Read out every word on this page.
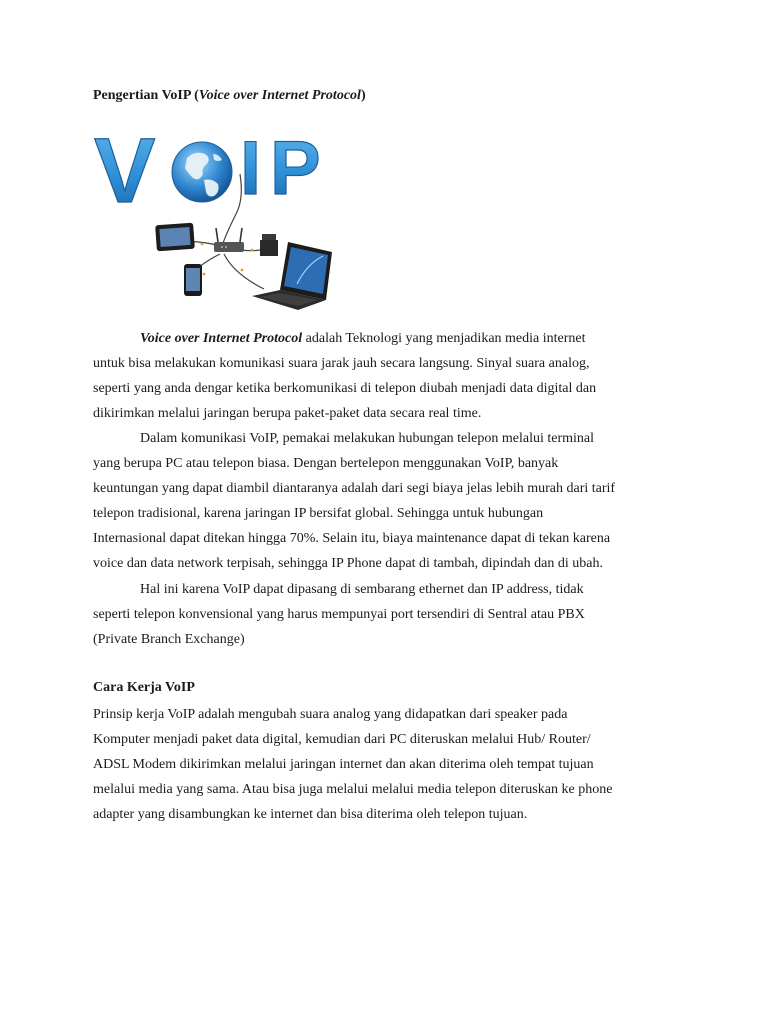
Pengertian VoIP (Voice over Internet Protocol)
V I P
Voice over Internet Protocol adalah Teknologi yang menjadikan media internet
untuk bisa melakukan komunikasi suara jarak jauh secara langsung. Sinyal suara analog,
seperti yang anda dengar ketika berkomunikasi di telepon diubah menjadi data digital dan
dikirimkan melalui jaringan berupa paket-paket data secara real time.
Dalam komunikasi VoIP, pemakai melakukan hubungan telepon melalui terminal
yang berupa PC atau telepon biasa. Dengan bertelepon menggunakan VoIP, banyak
keuntungan yang dapat diambil diantaranya adalah dari segi biaya jelas lebih murah dari tarif
telepon tradisional, karena jaringan IP bersifat global. Sehingga untuk hubungan
Internasional dapat ditekan hingga 70%. Selain itu, biaya maintenance dapat di tekan karena
voice dan data network terpisah, sehingga IP Phone dapat di tambah, dipindah dan di ubah.
Hal ini karena VoIP dapat dipasang di sembarang ethernet dan IP address, tidak
seperti telepon konvensional yang harus mempunyai port tersendiri di Sentral atau PBX
(Private Branch Exchange)
Cara Kerja VoIP
Prinsip kerja VoIP adalah mengubah suara analog yang didapatkan dari speaker pada
Komputer menjadi paket data digital, kemudian dari PC diteruskan melalui Hub/ Router/
ADSL Modem dikirimkan melalui jaringan internet dan akan diterima oleh tempat tujuan
melalui media yang sama. Atau bisa juga melalui melalui media telepon diteruskan ke phone
adapter yang disambungkan ke internet dan bisa diterima oleh telepon tujuan.
